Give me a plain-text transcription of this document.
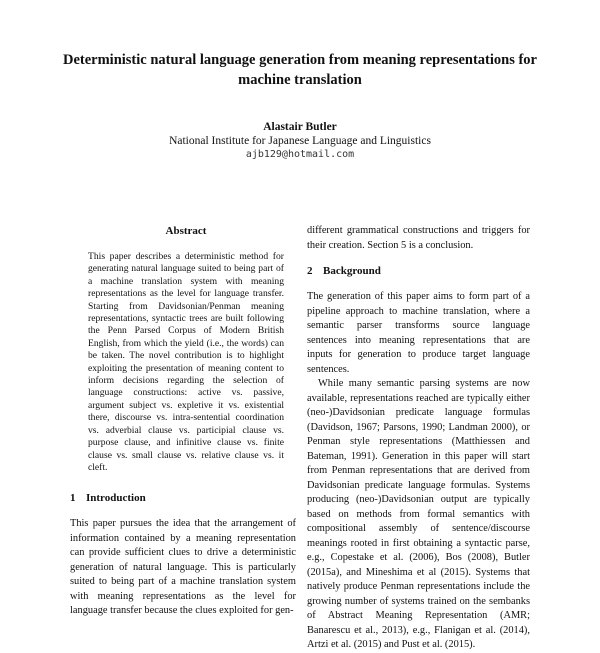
Deterministic natural language generation from meaning representations for machine translation
Alastair Butler
National Institute for Japanese Language and Linguistics
ajb129@hotmail.com
Abstract
This paper describes a deterministic method for generating natural language suited to being part of a machine translation system with meaning representations as the level for language transfer. Starting from Davidsonian/Penman meaning representations, syntactic trees are built following the Penn Parsed Corpus of Modern British English, from which the yield (i.e., the words) can be taken. The novel contribution is to highlight exploiting the presentation of meaning content to inform decisions regarding the selection of language constructions: active vs. passive, argument subject vs. expletive it vs. existential there, discourse vs. intra-sentential coordination vs. adverbial clause vs. participial clause vs. purpose clause, and infinitive clause vs. finite clause vs. small clause vs. relative clause vs. it cleft.
1 Introduction
This paper pursues the idea that the arrangement of information contained by a meaning representation can provide sufficient clues to drive a deterministic generation of natural language. This is particularly suited to being part of a machine translation system with meaning representations as the level for language transfer because the clues exploited for gen-
different grammatical constructions and triggers for their creation. Section 5 is a conclusion.
2 Background

The generation of this paper aims to form part of a pipeline approach to machine translation, where a semantic parser transforms source language sentences into meaning representations that are inputs for generation to produce target language sentences.

While many semantic parsing systems are now available, representations reached are typically either (neo-)Davidsonian predicate language formulas (Davidson, 1967; Parsons, 1990; Landman 2000), or Penman style representations (Matthiessen and Bateman, 1991). Generation in this paper will start from Penman representations that are derived from Davidsonian predicate language formulas. Systems producing (neo-)Davidsonian output are typically based on methods from formal semantics with compositional assembly of sentence/discourse meanings rooted in first obtaining a syntactic parse, e.g., Copestake et al. (2006), Bos (2008), Butler (2015a), and Mineshima et al (2015). Systems that natively produce Penman representations include the growing number of systems trained on the sembanks of Abstract Meaning Representation (AMR; Banarescu et al., 2013), e.g., Flanigan et al. (2014), Artzi et al. (2015) and Pust et al. (2015).
